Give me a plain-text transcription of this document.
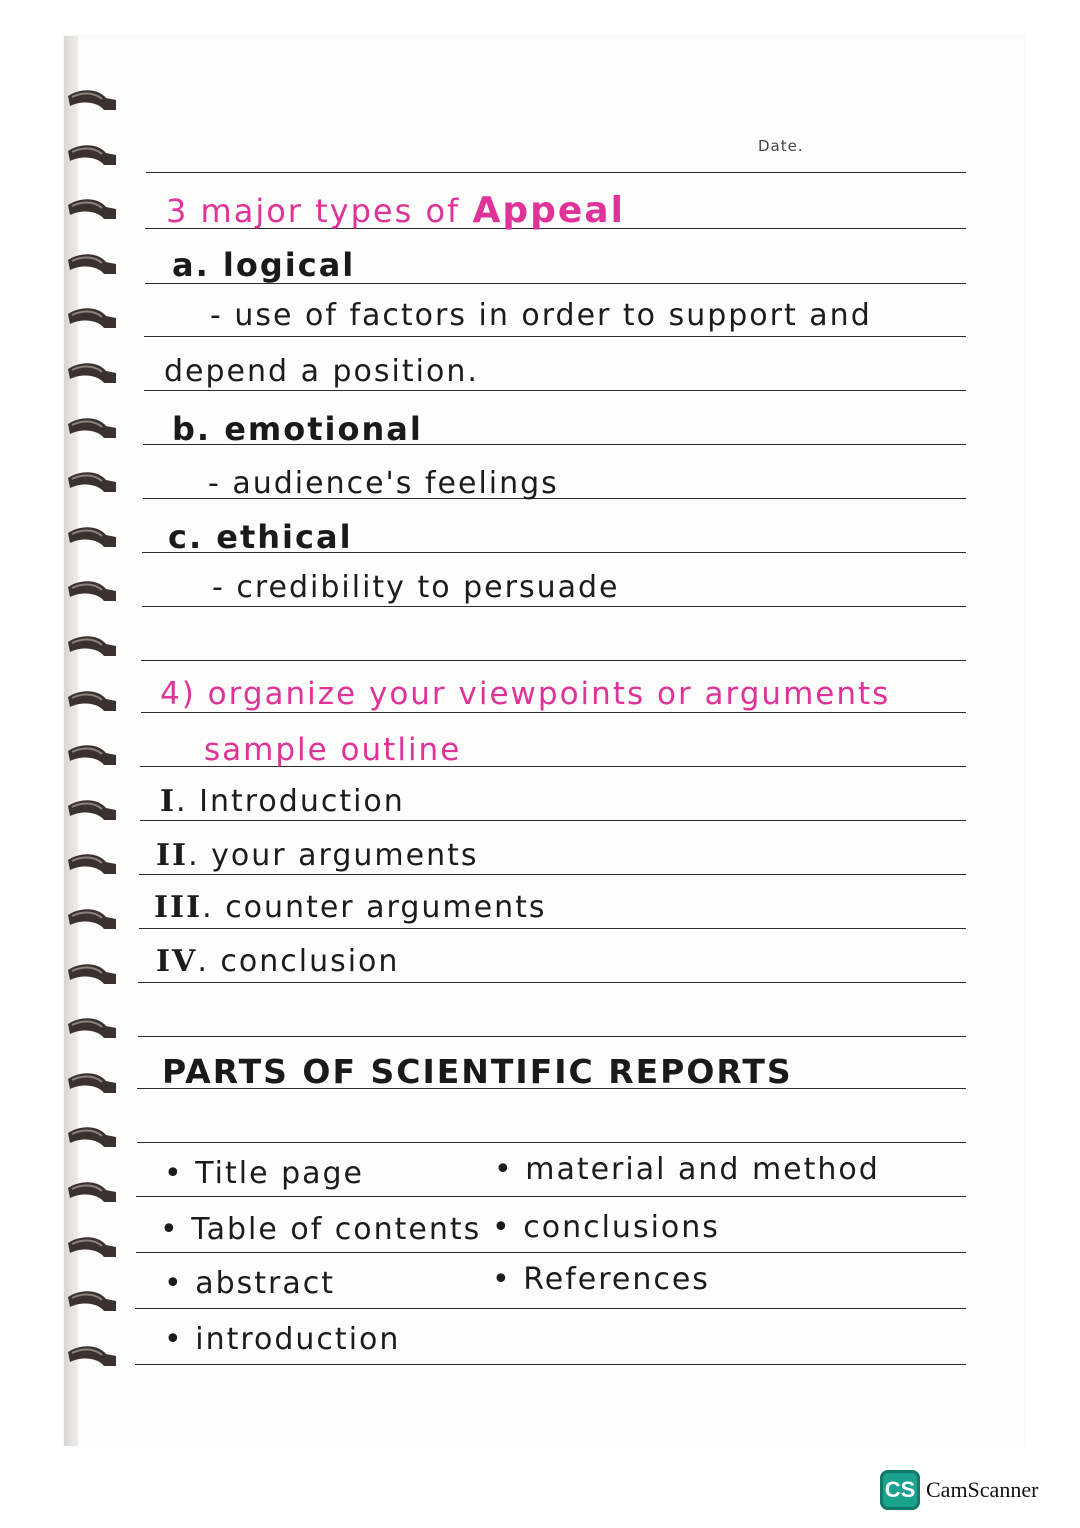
Date.
3 major types of Appeal
a. logical
- use of factors in order to support and
depend a position.
b. emotional
- audience's feelings
c. ethical
- credibility to persuade
4) organize your viewpoints or arguments
sample outline
I. Introduction
II. your arguments
III. counter arguments
IV. conclusion
PARTS OF SCIENTIFIC REPORTS
• Title page
• Table of contents
• abstract
• introduction
• material and method
• conclusions
• References
CS CamScanner
